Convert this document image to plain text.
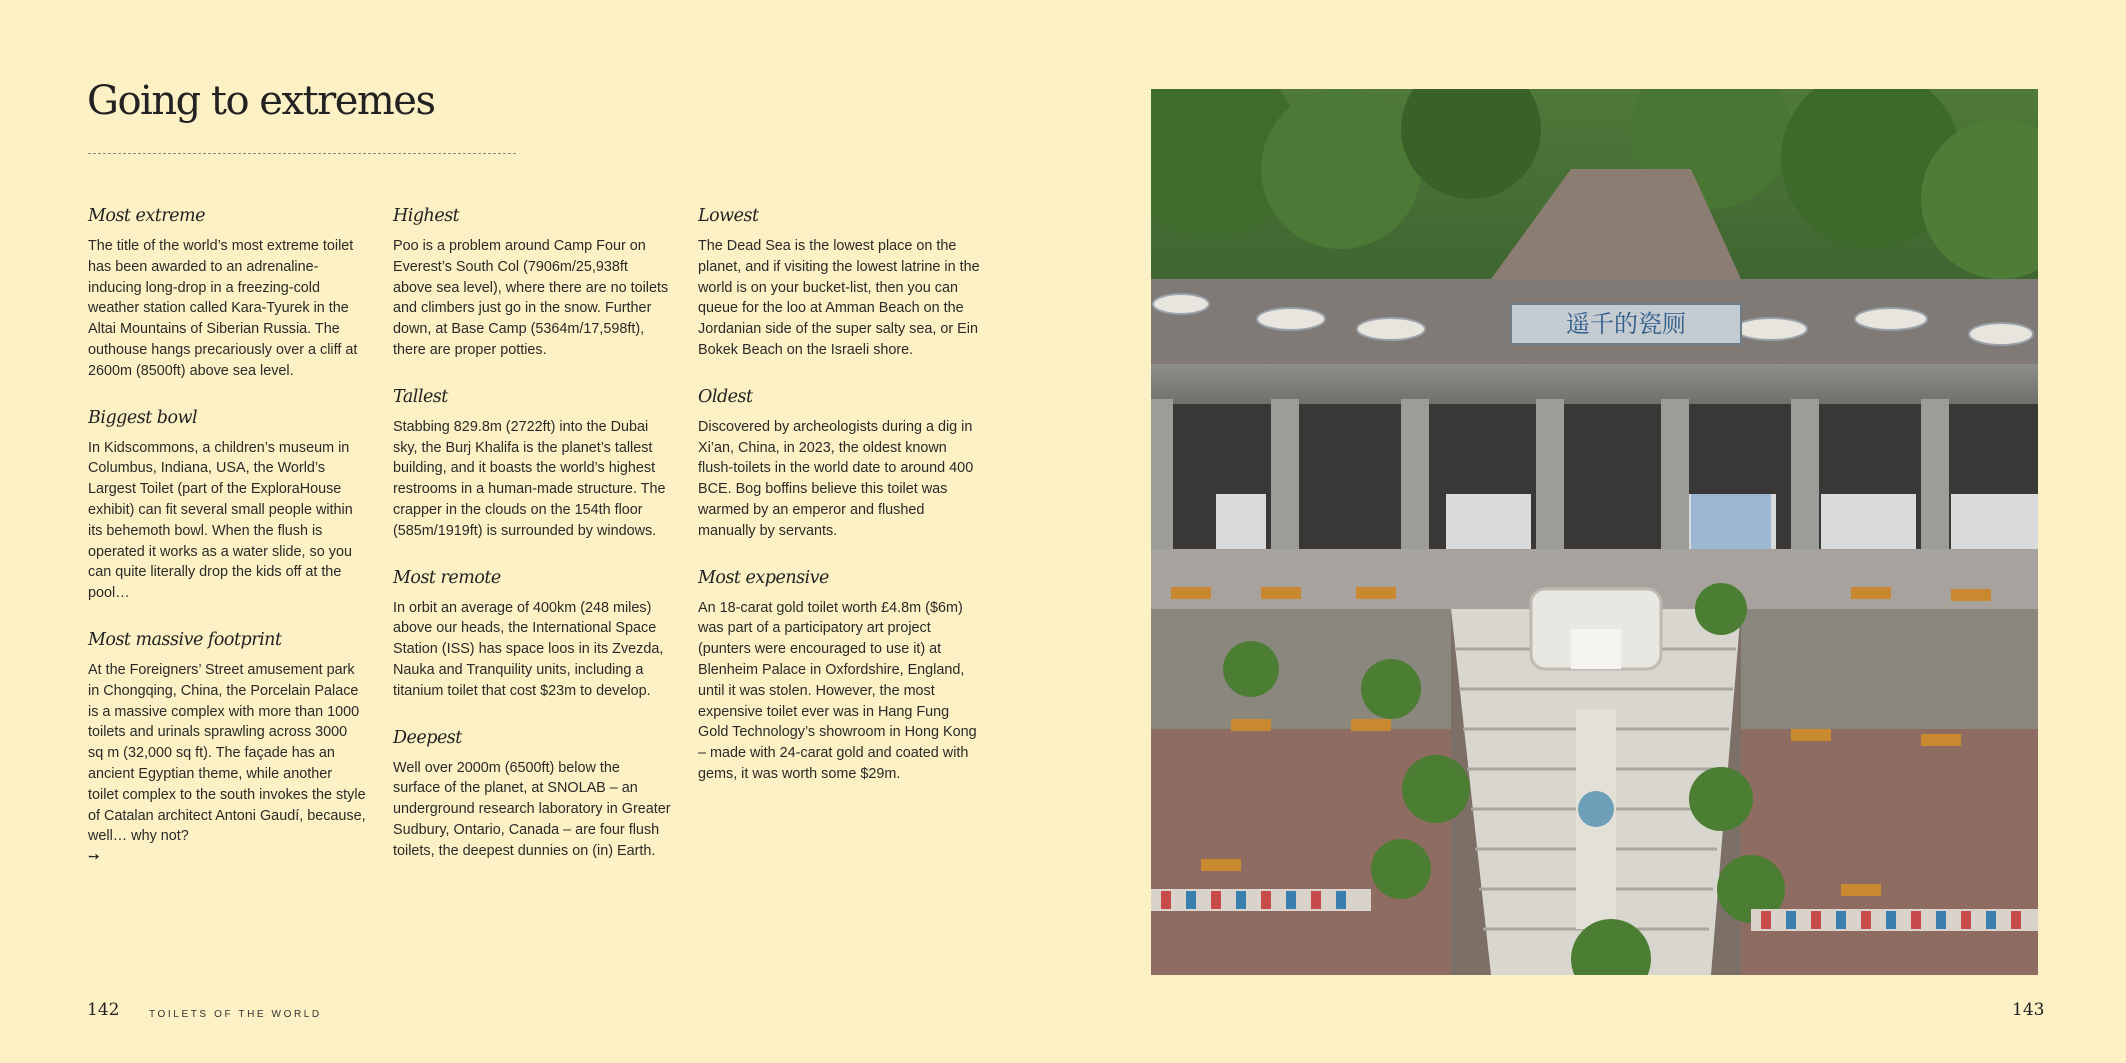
Going to extremes
Most extreme

The title of the world’s most extreme toilet has been awarded to an adrenaline-inducing long-drop in a freezing-cold weather station called Kara-Tyurek in the Altai Mountains of Siberian Russia. The outhouse hangs precariously over a cliff at 2600m (8500ft) above sea level.

Biggest bowl

In Kidscommons, a children’s museum in Columbus, Indiana, USA, the World’s Largest Toilet (part of the ExploraHouse exhibit) can fit several small people within its behemoth bowl. When the flush is operated it works as a water slide, so you can quite literally drop the kids off at the pool…

Most massive footprint

At the Foreigners’ Street amusement park in Chongqing, China, the Porcelain Palace is a massive complex with more than 1000 toilets and urinals sprawling across 3000 sq m (32,000 sq ft). The façade has an ancient Egyptian theme, while another toilet complex to the south invokes the style of Catalan architect Antoni Gaudí, because, well… why not?

➙
Highest

Poo is a problem around Camp Four on Everest’s South Col (7906m/25,938ft above sea level), where there are no toilets and climbers just go in the snow. Further down, at Base Camp (5364m/17,598ft), there are proper potties.

Tallest

Stabbing 829.8m (2722ft) into the Dubai sky, the Burj Khalifa is the planet’s tallest building, and it boasts the world’s highest restrooms in a human-made structure. The crapper in the clouds on the 154th floor (585m/1919ft) is surrounded by windows.

Most remote

In orbit an average of 400km (248 miles) above our heads, the International Space Station (ISS) has space loos in its Zvezda, Nauka and Tranquility units, including a titanium toilet that cost $23m to develop.

Deepest

Well over 2000m (6500ft) below the surface of the planet, at SNOLAB – an underground research laboratory in Greater Sudbury, Ontario, Canada – are four flush toilets, the deepest dunnies on (in) Earth.

Lowest

The Dead Sea is the lowest place on the planet, and if visiting the lowest latrine in the world is on your bucket-list, then you can queue for the loo at Amman Beach on the Jordanian side of the super salty sea, or Ein Bokek Beach on the Israeli shore.

Oldest

Discovered by archeologists during a dig in Xi’an, China, in 2023, the oldest known flush-toilets in the world date to around 400 BCE. Bog boffins believe this toilet was warmed by an emperor and flushed manually by servants.

Most expensive

An 18-carat gold toilet worth £4.8m ($6m) was part of a participatory art project (punters were encouraged to use it) at Blenheim Palace in Oxfordshire, England, until it was stolen. However, the most expensive toilet ever was in Hang Fung Gold Technology’s showroom in Hong Kong – made with 24-carat gold and coated with gems, it was worth some $29m.

遥千的瓷厕
142	TOILETS OF THE WORLD	143
